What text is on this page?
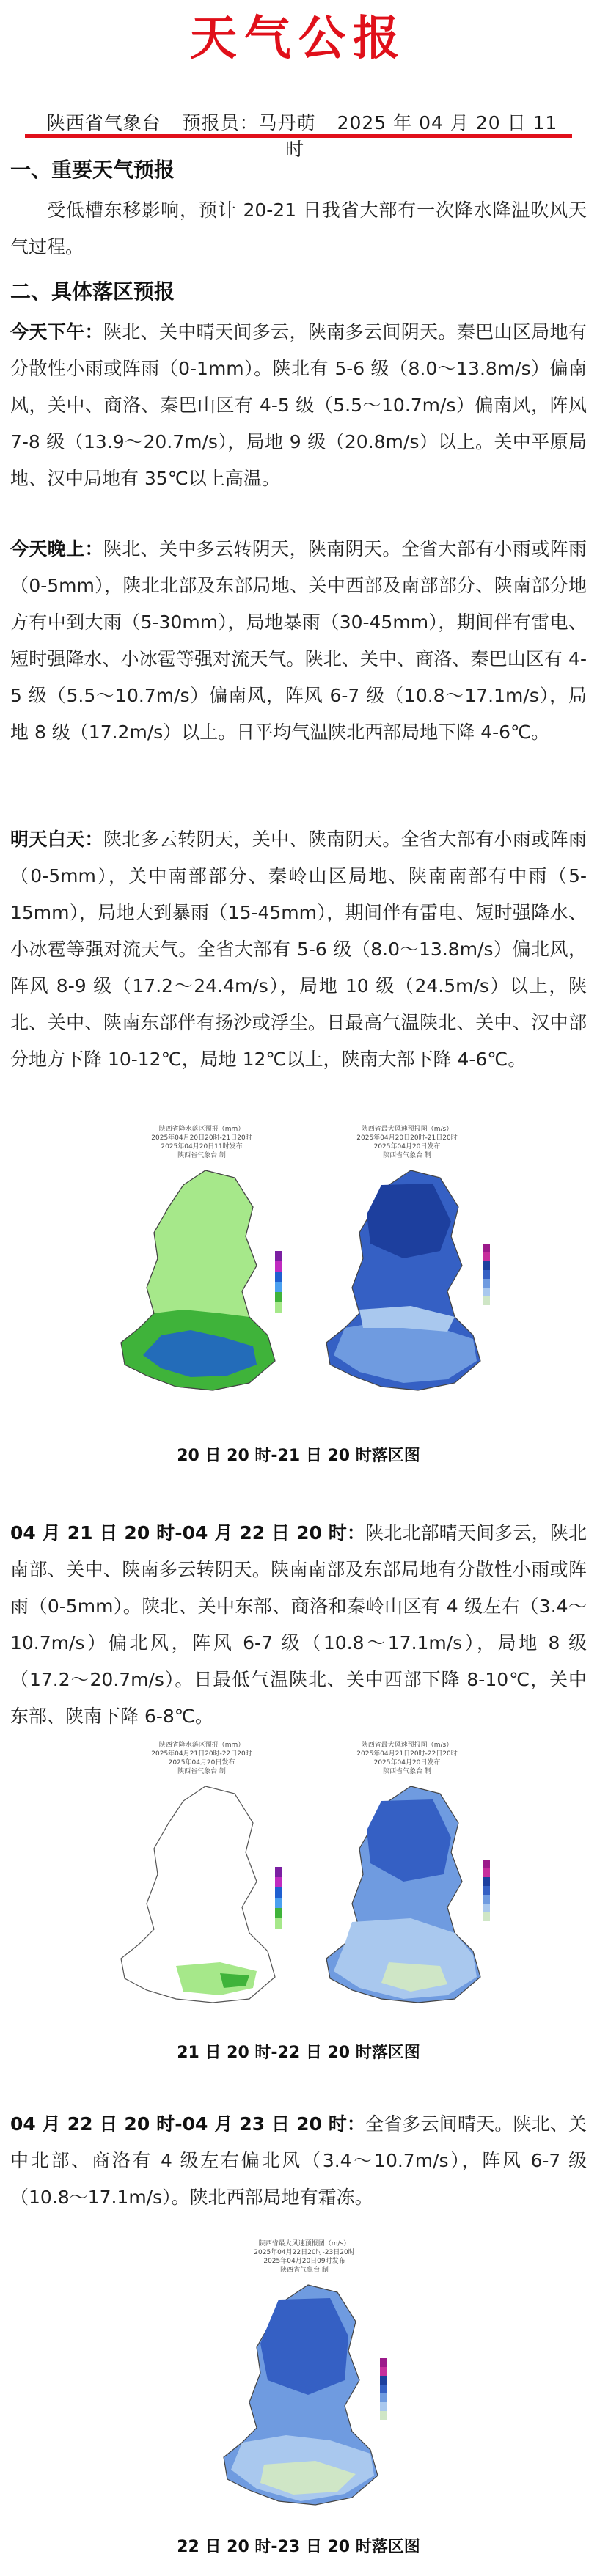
天气公报
陕西省气象台 预报员：马丹萌 2025 年 04 月 20 日 11 时
一、重要天气预报
受低槽东移影响，预计 20-21 日我省大部有一次降水降温吹风天气过程。
二、具体落区预报
今天下午：陕北、关中晴天间多云，陕南多云间阴天。秦巴山区局地有分散性小雨或阵雨（0-1mm）。陕北有 5-6 级（8.0～13.8m/s）偏南风，关中、商洛、秦巴山区有 4-5 级（5.5～10.7m/s）偏南风，阵风 7-8 级（13.9～20.7m/s），局地 9 级（20.8m/s）以上。关中平原局地、汉中局地有 35℃以上高温。
今天晚上：陕北、关中多云转阴天，陕南阴天。全省大部有小雨或阵雨（0-5mm），陕北北部及东部局地、关中西部及南部部分、陕南部分地方有中到大雨（5-30mm），局地暴雨（30-45mm），期间伴有雷电、短时强降水、小冰雹等强对流天气。陕北、关中、商洛、秦巴山区有 4-5 级（5.5～10.7m/s）偏南风，阵风 6-7 级（10.8～17.1m/s），局地 8 级（17.2m/s）以上。日平均气温陕北西部局地下降 4-6℃。
明天白天：陕北多云转阴天，关中、陕南阴天。全省大部有小雨或阵雨（0-5mm），关中南部部分、秦岭山区局地、陕南南部有中雨（5-15mm），局地大到暴雨（15-45mm），期间伴有雷电、短时强降水、小冰雹等强对流天气。全省大部有 5-6 级（8.0～13.8m/s）偏北风，阵风 8-9 级（17.2～24.4m/s），局地 10 级（24.5m/s）以上，陕北、关中、陕南东部伴有扬沙或浮尘。日最高气温陕北、关中、汉中部分地方下降 10-12℃，局地 12℃以上，陕南大部下降 4-6℃。
陕西省降水落区预报（mm）
2025年04月20日20时-21日20时
2025年04月20日11时发布
陕西省气象台 制
陕西省最大风速预报图（m/s）
2025年04月20日20时-21日20时
2025年04月20日发布
陕西省气象台 制
20 日 20 时-21 日 20 时落区图
04 月 21 日 20 时-04 月 22 日 20 时：陕北北部晴天间多云，陕北南部、关中、陕南多云转阴天。陕南南部及东部局地有分散性小雨或阵雨（0-5mm）。陕北、关中东部、商洛和秦岭山区有 4 级左右（3.4～10.7m/s）偏北风，阵风 6-7 级（10.8～17.1m/s），局地 8 级（17.2～20.7m/s）。日最低气温陕北、关中西部下降 8-10℃，关中东部、陕南下降 6-8℃。
陕西省降水落区预报（mm）
2025年04月21日20时-22日20时
2025年04月20日发布
陕西省气象台 制
陕西省最大风速预报图（m/s）
2025年04月21日20时-22日20时
2025年04月20日发布
陕西省气象台 制
21 日 20 时-22 日 20 时落区图
04 月 22 日 20 时-04 月 23 日 20 时：全省多云间晴天。陕北、关中北部、商洛有 4 级左右偏北风（3.4～10.7m/s），阵风 6-7 级（10.8～17.1m/s）。陕北西部局地有霜冻。
陕西省最大风速预报图（m/s）
2025年04月22日20时-23日20时
2025年04月20日09时发布
陕西省气象台 制
22 日 20 时-23 日 20 时落区图
